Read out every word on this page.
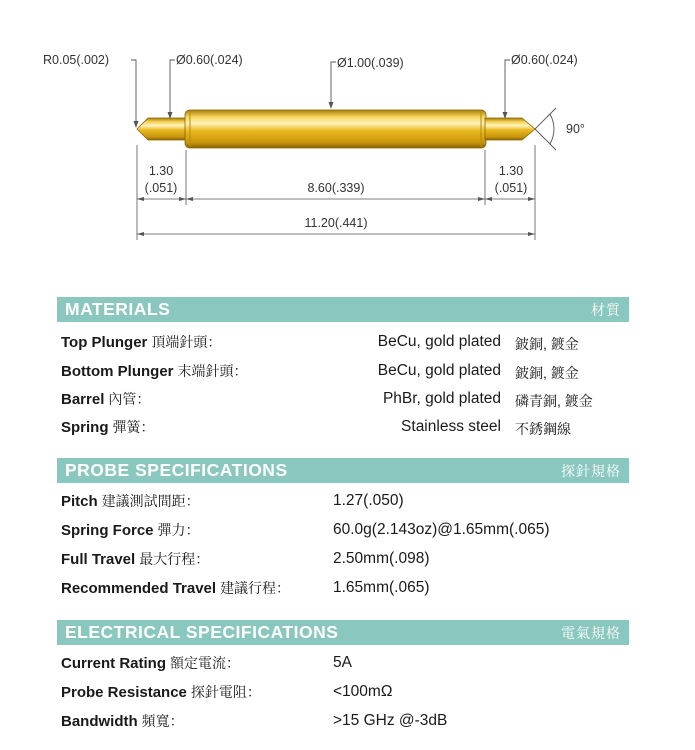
R0.05(.002)	Ø0.60(.024)	Ø1.00(.039)	Ø0.60(.024)
90°
1.30
(.051)	8.60(.339)
1.30
(.051)
11.20(.441)
MATERIALS	材質
Top Plunger 頂端針頭：	BeCu, gold plated 鈹銅, 鍍金
Bottom Plunger 末端針頭：	BeCu, gold plated 鈹銅, 鍍金
Barrel 內管：	PhBr, gold plated 磷青銅, 鍍金
Spring 彈簧：	Stainless steel 不銹鋼線
PROBE SPECIFICATIONS	探針規格
Pitch 建議測試間距：	1.27(.050)
Spring Force 彈力：	60.0g(2.143oz)@1.65mm(.065)
Full Travel 最大行程：	2.50mm(.098)
Recommended Travel 建議行程：	1.65mm(.065)
ELECTRICAL SPECIFICATIONS	電氣規格
Current Rating 額定電流：	5A
Probe Resistance 探針電阻：	<100mΩ
Bandwidth 頻寬：	>15 GHz @-3dB
